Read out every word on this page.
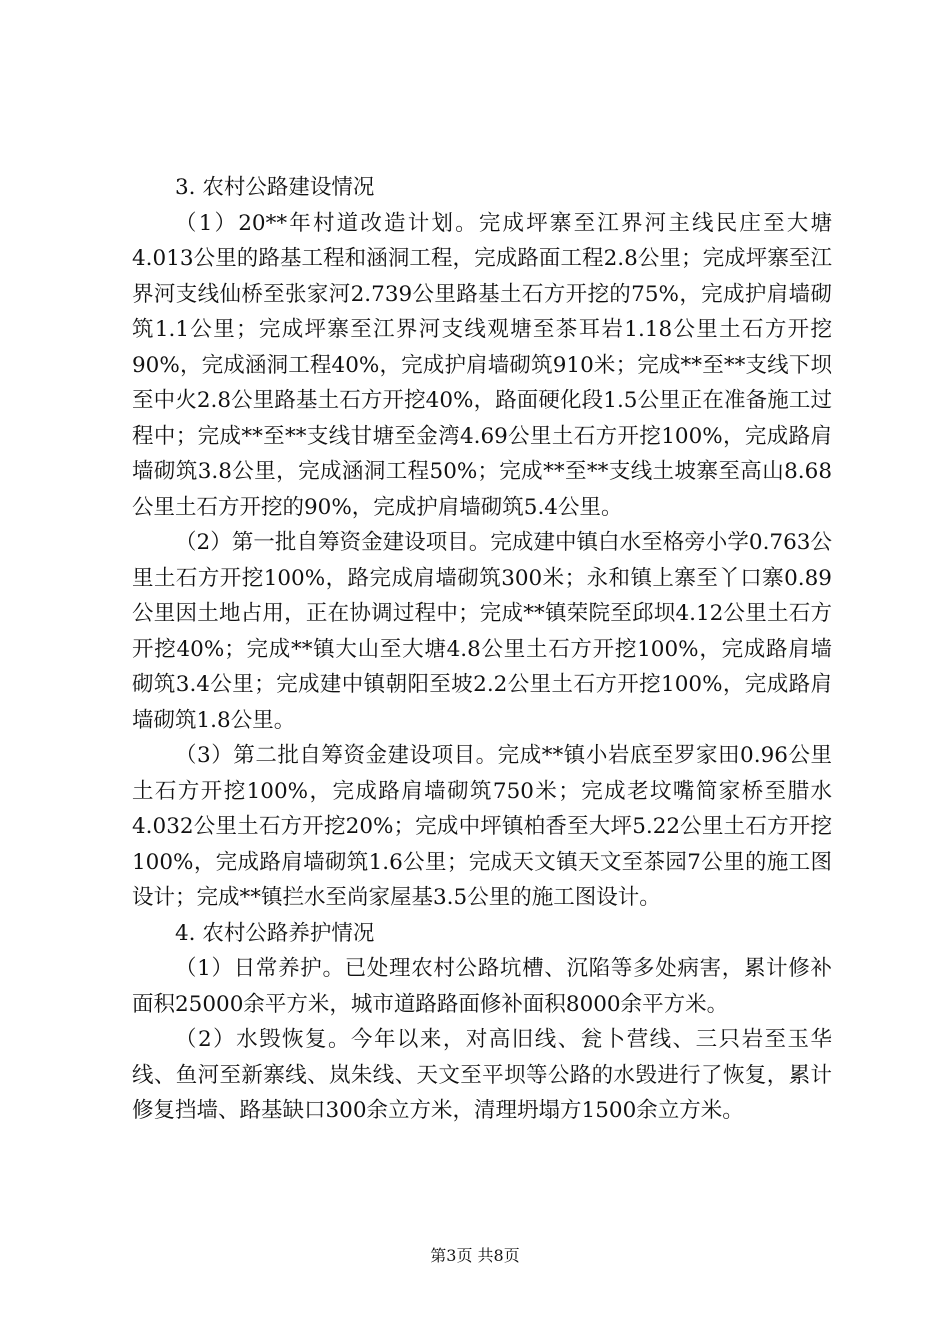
3. 农村公路建设情况

（1）20**年村道改造计划。完成坪寨至江界河主线民庄至大塘4.013公里的路基工程和涵洞工程，完成路面工程2.8公里；完成坪寨至江界河支线仙桥至张家河2.739公里路基土石方开挖的75%，完成护肩墙砌筑1.1公里；完成坪寨至江界河支线观塘至茶耳岩1.18公里土石方开挖90%，完成涵洞工程40%，完成护肩墙砌筑910米；完成**至**支线下坝至中火2.8公里路基土石方开挖40%，路面硬化段1.5公里正在准备施工过程中；完成**至**支线甘塘至金湾4.69公里土石方开挖100%，完成路肩墙砌筑3.8公里，完成涵洞工程50%；完成**至**支线土坡寨至高山8.68公里土石方开挖的90%，完成护肩墙砌筑5.4公里。

（2）第一批自筹资金建设项目。完成建中镇白水至格旁小学0.763公里土石方开挖100%，路完成肩墙砌筑300米；永和镇上寨至丫口寨0.89公里因土地占用，正在协调过程中；完成**镇荣院至邱坝4.12公里土石方开挖40%；完成**镇大山至大塘4.8公里土石方开挖100%，完成路肩墙砌筑3.4公里；完成建中镇朝阳至坡2.2公里土石方开挖100%，完成路肩墙砌筑1.8公里。

（3）第二批自筹资金建设项目。完成**镇小岩底至罗家田0.96公里土石方开挖100%，完成路肩墙砌筑750米；完成老坟嘴简家桥至腊水4.032公里土石方开挖20%；完成中坪镇柏香至大坪5.22公里土石方开挖100%，完成路肩墙砌筑1.6公里；完成天文镇天文至茶园7公里的施工图设计；完成**镇拦水至尚家屋基3.5公里的施工图设计。

4. 农村公路养护情况

（1）日常养护。已处理农村公路坑槽、沉陷等多处病害，累计修补面积25000余平方米，城市道路路面修补面积8000余平方米。

（2）水毁恢复。今年以来，对高旧线、瓮卜营线、三只岩至玉华线、鱼河至新寨线、岚朱线、天文至平坝等公路的水毁进行了恢复，累计修复挡墙、路基缺口300余立方米，清理坍塌方1500余立方米。

第3页 共8页
